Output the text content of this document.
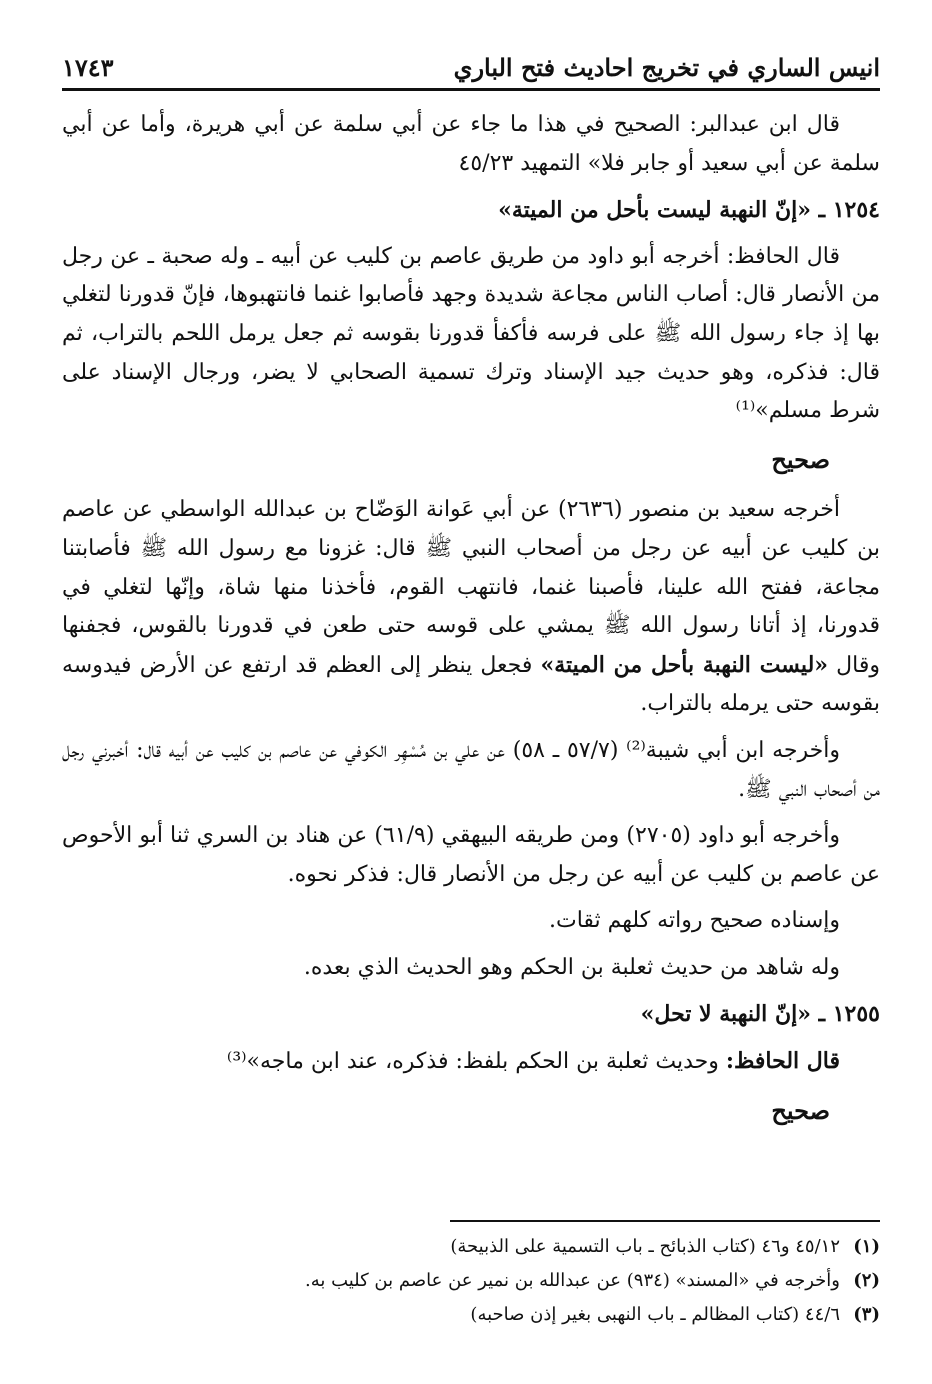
انيس الساري في تخريج احاديث فتح الباري
١٧٤٣

قال ابن عبدالبر: الصحيح في هذا ما جاء عن أبي سلمة عن أبي هريرة، وأما عن أبي سلمة عن أبي سعيد أو جابر فلا» التمهيد ٤٥/٢٣

١٢٥٤ ـ «إنّ النهبة ليست بأحل من الميتة»

قال الحافظ: أخرجه أبو داود من طريق عاصم بن كليب عن أبيه ـ وله صحبة ـ عن رجل من الأنصار قال: أصاب الناس مجاعة شديدة وجهد فأصابوا غنما فانتهبوها، فإنّ قدورنا لتغلي بها إذ جاء رسول الله ﷺ على فرسه فأكفأ قدورنا بقوسه ثم جعل يرمل اللحم بالتراب، ثم قال: فذكره، وهو حديث جيد الإسناد وترك تسمية الصحابي لا يضر، ورجال الإسناد على شرط مسلم»⁽¹⁾

صحيح

أخرجه سعيد بن منصور (٢٦٣٦) عن أبي عَوانة الوَضّاح بن عبدالله الواسطي عن عاصم بن كليب عن أبيه عن رجل من أصحاب النبي ﷺ قال: غزونا مع رسول الله ﷺ فأصابتنا مجاعة، ففتح الله علينا، فأصبنا غنما، فانتهب القوم، فأخذنا منها شاة، وإنّها لتغلي في قدورنا، إذ أتانا رسول الله ﷺ يمشي على قوسه حتى طعن في قدورنا بالقوس، فجفنها وقال «ليست النهبة بأحل من الميتة» فجعل ينظر إلى العظم قد ارتفع عن الأرض فيدوسه بقوسه حتى يرمله بالتراب.

وأخرجه ابن أبي شيبة⁽²⁾ (٥٧/٧ ـ ٥٨) عن علي بن مُسْهِر الكوفي عن عاصم بن كليب عن أبيه قال: أخبرني رجل من أصحاب النبي ﷺ.

وأخرجه أبو داود (٢٧٠٥) ومن طريقه البيهقي (٦١/٩) عن هناد بن السري ثنا أبو الأحوص عن عاصم بن كليب عن أبيه عن رجل من الأنصار قال: فذكر نحوه.

وإسناده صحيح رواته كلهم ثقات.

وله شاهد من حديث ثعلبة بن الحكم وهو الحديث الذي بعده.

١٢٥٥ ـ «إنّ النهبة لا تحل»

قال الحافظ: وحديث ثعلبة بن الحكم بلفظ: فذكره، عند ابن ماجه»⁽³⁾

صحيح

(١)٤٥/١٢ و٤٦ (كتاب الذبائح ـ باب التسمية على الذبيحة)

(٢)وأخرجه في «المسند» (٩٣٤) عن عبدالله بن نمير عن عاصم بن كليب به.

(٣)٤٤/٦ (كتاب المظالم ـ باب النهبى بغير إذن صاحبه)
